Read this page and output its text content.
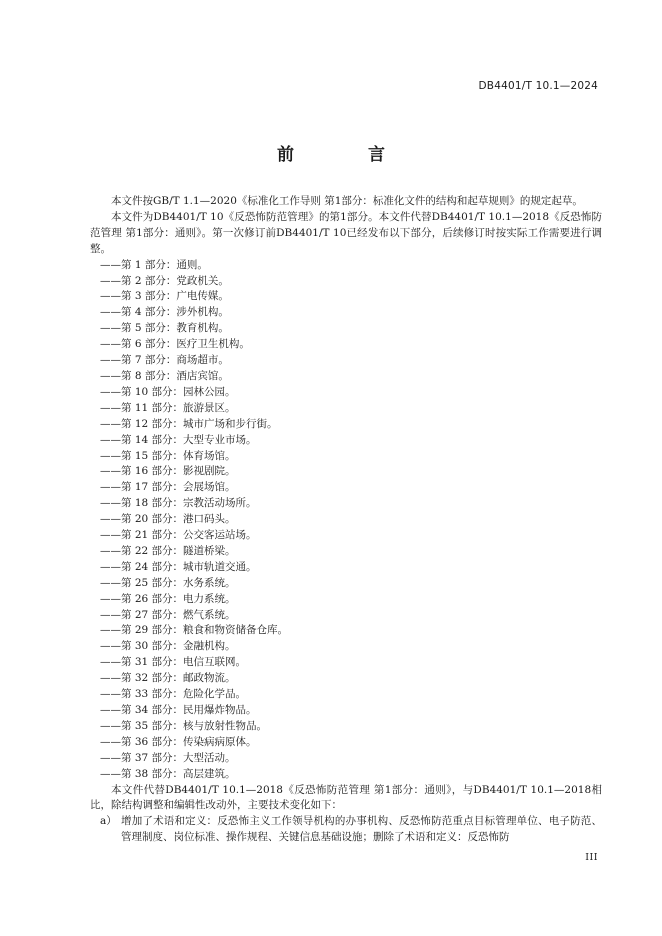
DB4401/T 10.1—2024
前 言

本文件按GB/T 1.1—2020《标准化工作导则 第1部分：标准化文件的结构和起草规则》的规定起草。

本文件为DB4401/T 10《反恐怖防范管理》的第1部分。本文件代替DB4401/T 10.1—2018《反恐怖防范管理 第1部分：通则》。第一次修订前DB4401/T 10已经发布以下部分，后续修订时按实际工作需要进行调整。

——第 1 部分：通则。
——第 2 部分：党政机关。
——第 3 部分：广电传媒。
——第 4 部分：涉外机构。
——第 5 部分：教育机构。
——第 6 部分：医疗卫生机构。
——第 7 部分：商场超市。
——第 8 部分：酒店宾馆。
——第 10 部分：园林公园。
——第 11 部分：旅游景区。
——第 12 部分：城市广场和步行街。
——第 14 部分：大型专业市场。
——第 15 部分：体育场馆。
——第 16 部分：影视剧院。
——第 17 部分：会展场馆。
——第 18 部分：宗教活动场所。
——第 20 部分：港口码头。
——第 21 部分：公交客运站场。
——第 22 部分：隧道桥梁。
——第 24 部分：城市轨道交通。
——第 25 部分：水务系统。
——第 26 部分：电力系统。
——第 27 部分：燃气系统。
——第 29 部分：粮食和物资储备仓库。
——第 30 部分：金融机构。
——第 31 部分：电信互联网。
——第 32 部分：邮政物流。
——第 33 部分：危险化学品。
——第 34 部分：民用爆炸物品。
——第 35 部分：核与放射性物品。
——第 36 部分：传染病病原体。
——第 37 部分：大型活动。
——第 38 部分：高层建筑。

本文件代替DB4401/T 10.1—2018《反恐怖防范管理 第1部分：通则》，与DB4401/T 10.1—2018相比，除结构调整和编辑性改动外，主要技术变化如下：

a） 增加了术语和定义：反恐怖主义工作领导机构的办事机构、反恐怖防范重点目标管理单位、电子防范、管理制度、岗位标准、操作规程、关键信息基础设施；删除了术语和定义：反恐怖防

III
